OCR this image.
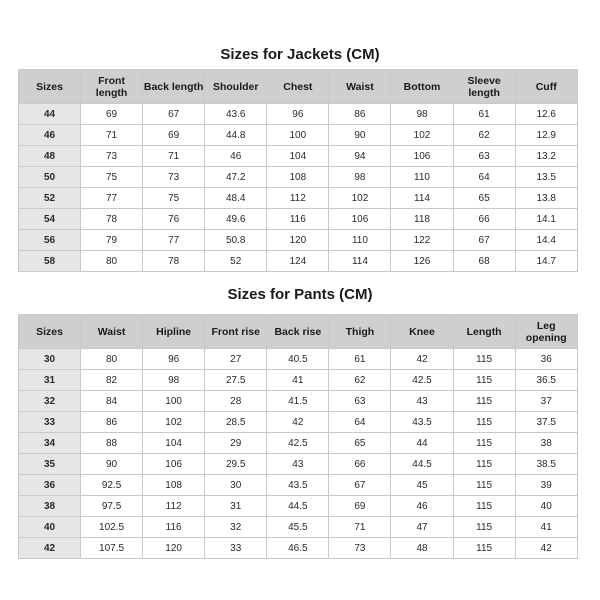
Sizes for Jackets (CM)
Sizes	Front length	Back length	Shoulder	Chest	Waist	Bottom	Sleeve length	Cuff
44	69	67	43.6	96	86	98	61	12.6
46	71	69	44.8	100	90	102	62	12.9
48	73	71	46	104	94	106	63	13.2
50	75	73	47.2	108	98	110	64	13.5
52	77	75	48.4	112	102	114	65	13.8
54	78	76	49.6	116	106	118	66	14.1
56	79	77	50.8	120	110	122	67	14.4
58	80	78	52	124	114	126	68	14.7
Sizes for Pants (CM)
Sizes	Waist	Hipline	Front rise	Back rise	Thigh	Knee	Length	Leg opening
30	80	96	27	40.5	61	42	115	36
31	82	98	27.5	41	62	42.5	115	36.5
32	84	100	28	41.5	63	43	115	37
33	86	102	28.5	42	64	43.5	115	37.5
34	88	104	29	42.5	65	44	115	38
35	90	106	29.5	43	66	44.5	115	38.5
36	92.5	108	30	43.5	67	45	115	39
38	97.5	112	31	44.5	69	46	115	40
40	102.5	116	32	45.5	71	47	115	41
42	107.5	120	33	46.5	73	48	115	42
